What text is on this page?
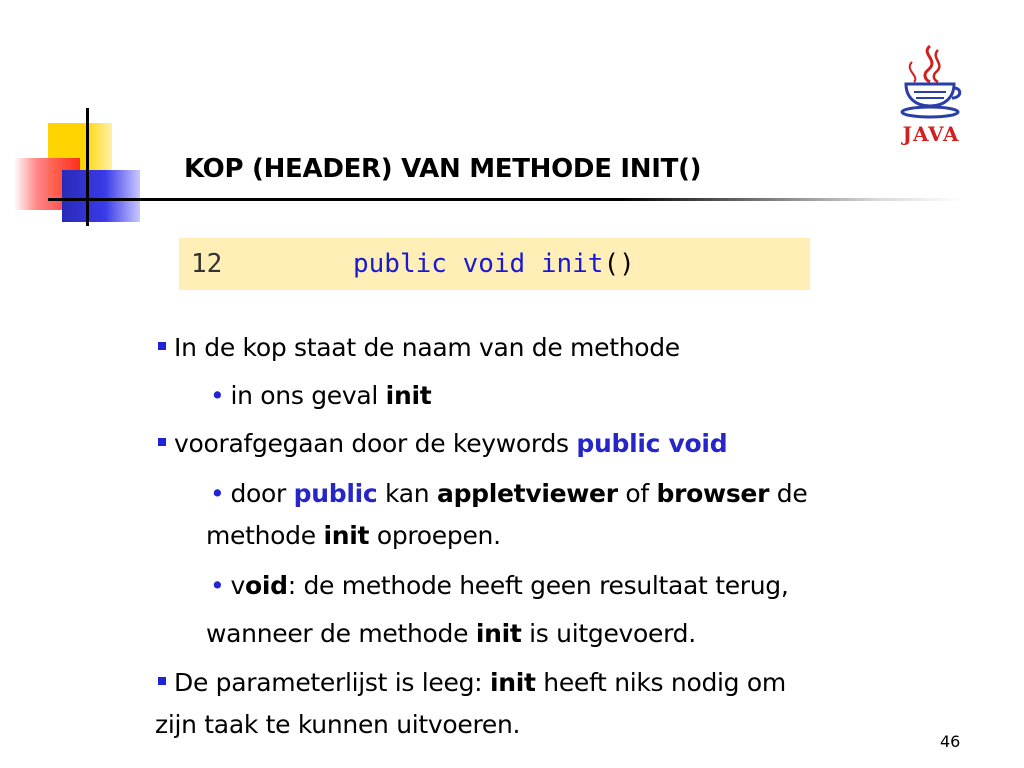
KOP (HEADER) VAN METHODE INIT()
JAVA
12	public void init()
In de kop staat de naam van de methode
• in ons geval init
voorafgegaan door de keywords public void
• door public kan appletviewer of browser de
methode init oproepen.
• void: de methode heeft geen resultaat terug,
wanneer de methode init is uitgevoerd.
De parameterlijst is leeg: init heeft niks nodig om
zijn taak te kunnen uitvoeren.
46
